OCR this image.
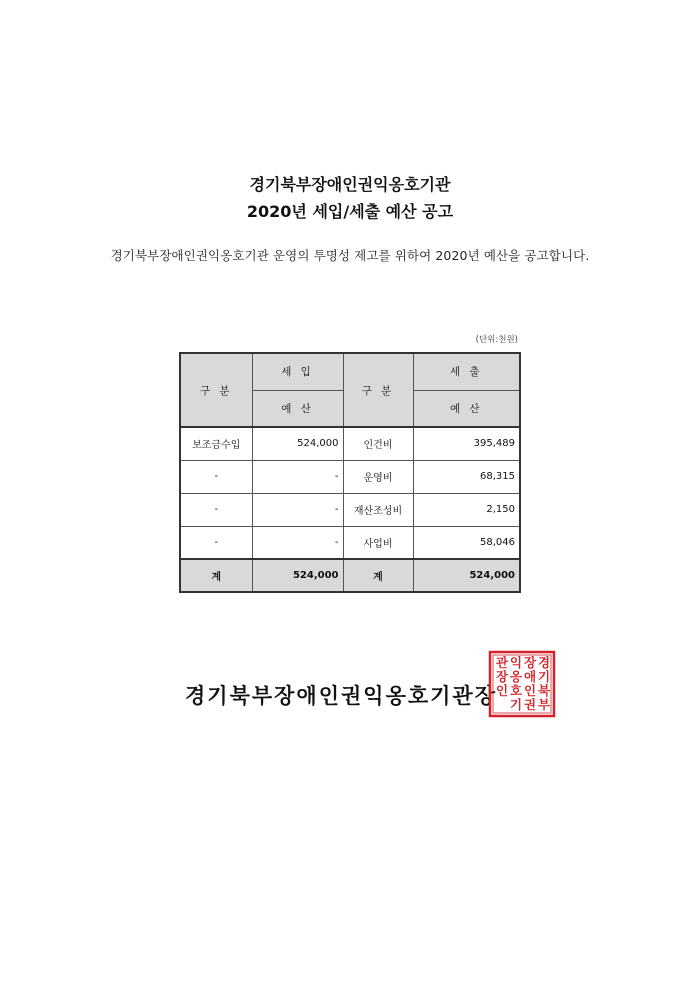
경기북부장애인권익옹호기관
2020년 세입/세출 예산 공고
경기북부장애인권익옹호기관 운영의 투명성 제고를 위하여 2020년 예산을 공고합니다.
(단위:천원)
구 분	세 입	구 분	세 출
	예 산		예 산
보조금수입	524,000	인건비	395,489
-	-	운영비	68,315
-	-	재산조성비	2,150
-	-	사업비	58,046
계	524,000	계	524,000
경기북부장애인권익옹호기관장
경
기
북
부
장
애
인
권
익
옹
호
기
관
장
인
